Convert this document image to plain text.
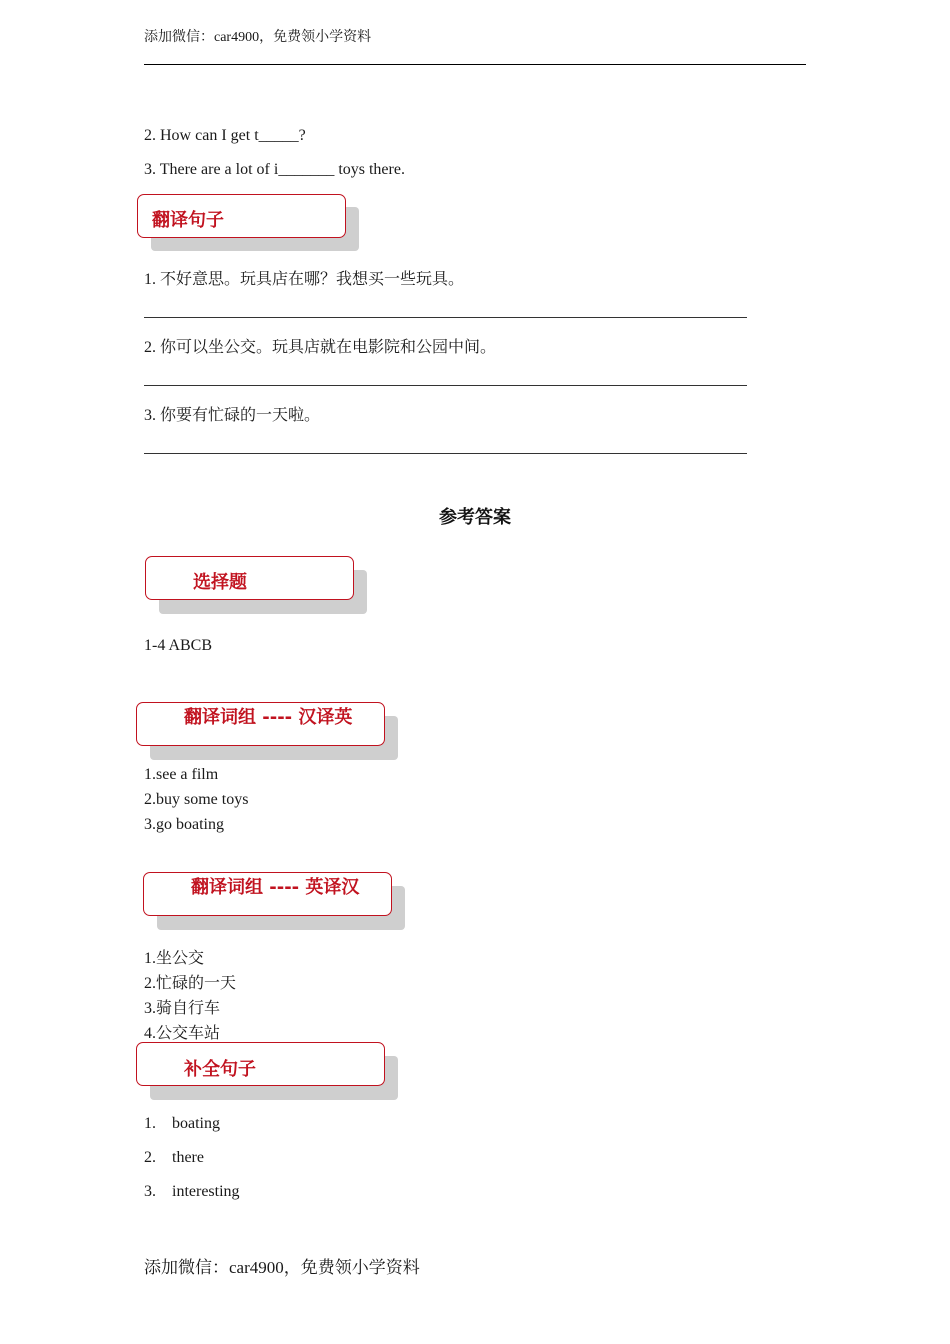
添加微信：car4900，免费领小学资料
2. How can I get t_____?
3. There are a lot of i_______ toys there.
翻译句子
1. 不好意思。玩具店在哪？我想买一些玩具。
2. 你可以坐公交。玩具店就在电影院和公园中间。
3. 你要有忙碌的一天啦。
参考答案
选择题
1-4 ABCB
翻译词组 ---- 汉译英
1.see a film
2.buy some toys
3.go boating
翻译词组 ---- 英译汉
1.坐公交
2.忙碌的一天
3.骑自行车
4.公交车站
补全句子
1. boating
2. there
3. interesting
添加微信：car4900，免费领小学资料
